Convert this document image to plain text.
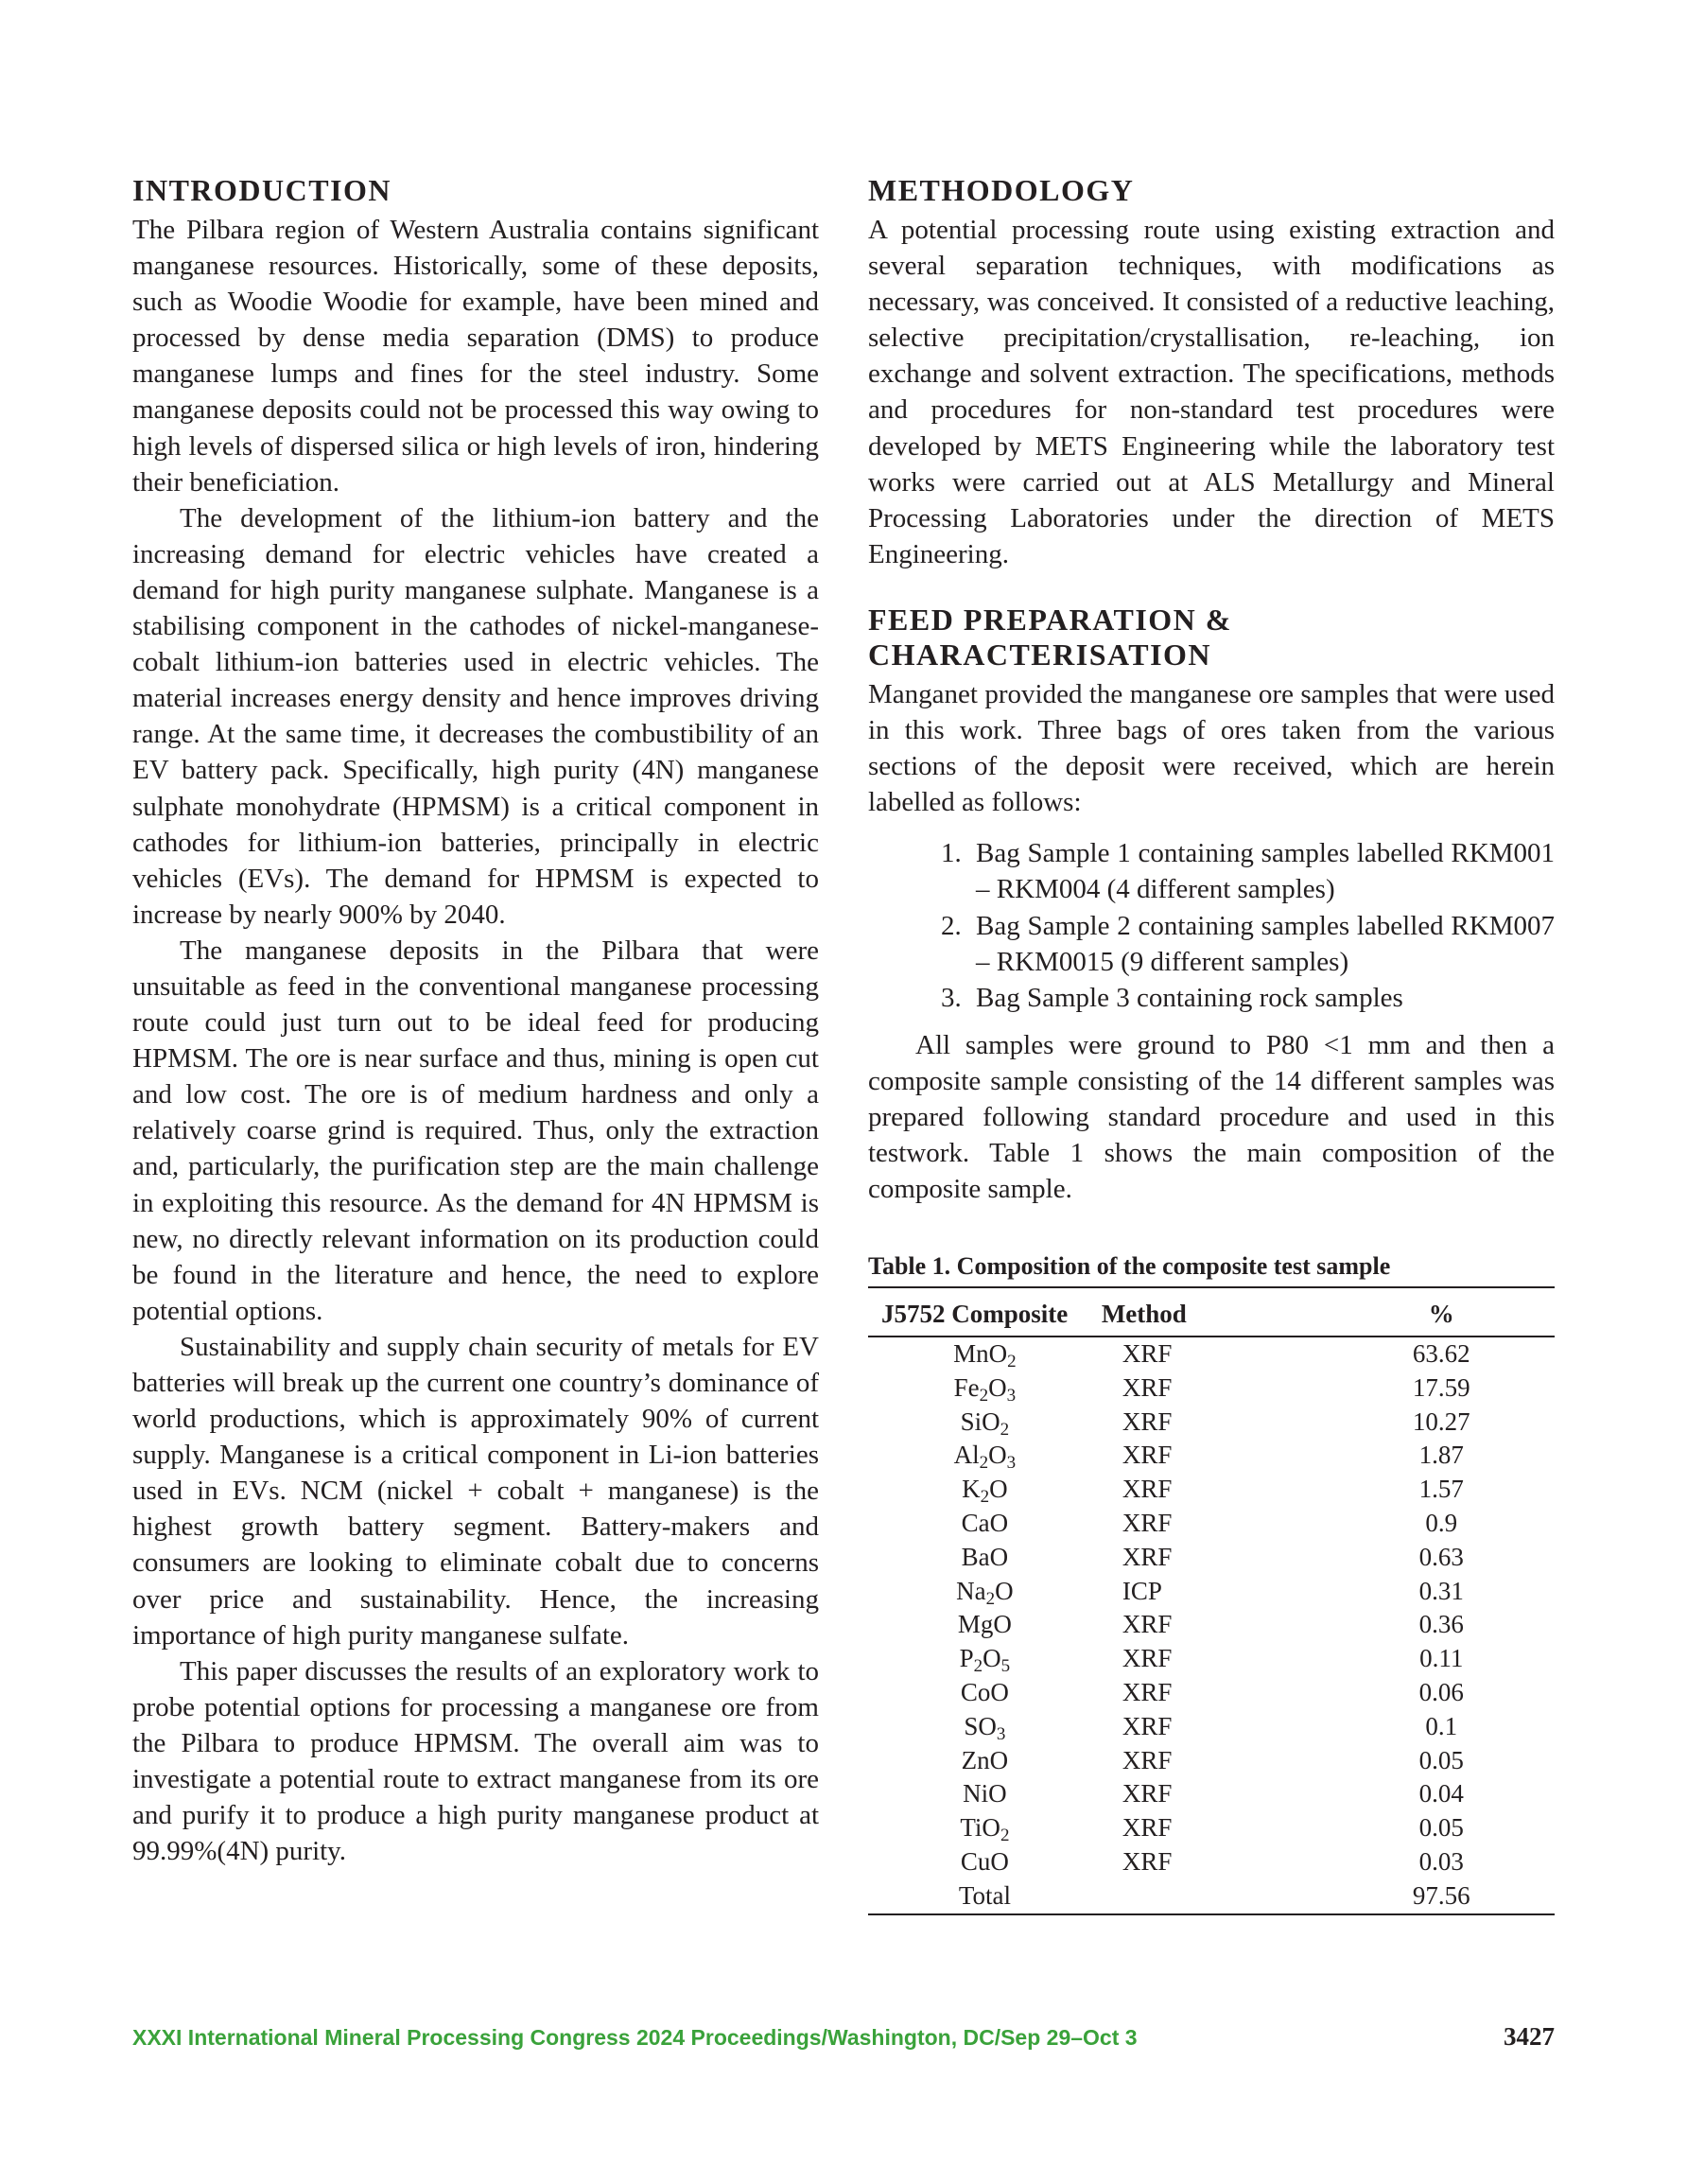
INTRODUCTION

The Pilbara region of Western Australia contains significant manganese resources. Historically, some of these deposits, such as Woodie Woodie for example, have been mined and processed by dense media separation (DMS) to produce manganese lumps and fines for the steel industry. Some manganese deposits could not be processed this way owing to high levels of dispersed silica or high levels of iron, hindering their beneficiation.

The development of the lithium-ion battery and the increasing demand for electric vehicles have created a demand for high purity manganese sulphate. Manganese is a stabilising component in the cathodes of nickel-manganese-cobalt lithium-ion batteries used in electric vehicles. The material increases energy density and hence improves driving range. At the same time, it decreases the combustibility of an EV battery pack. Specifically, high purity (4N) manganese sulphate monohydrate (HPMSM) is a critical component in cathodes for lithium-ion batteries, principally in electric vehicles (EVs). The demand for HPMSM is expected to increase by nearly 900% by 2040.

The manganese deposits in the Pilbara that were unsuitable as feed in the conventional manganese processing route could just turn out to be ideal feed for producing HPMSM. The ore is near surface and thus, mining is open cut and low cost. The ore is of medium hardness and only a relatively coarse grind is required. Thus, only the extraction and, particularly, the purification step are the main challenge in exploiting this resource. As the demand for 4N HPMSM is new, no directly relevant information on its production could be found in the literature and hence, the need to explore potential options.

Sustainability and supply chain security of metals for EV batteries will break up the current one country’s dominance of world productions, which is approximately 90% of current supply. Manganese is a critical component in Li-ion batteries used in EVs. NCM (nickel + cobalt + manganese) is the highest growth battery segment. Battery-makers and consumers are looking to eliminate cobalt due to concerns over price and sustainability. Hence, the increasing importance of high purity manganese sulfate.

This paper discusses the results of an exploratory work to probe potential options for processing a manganese ore from the Pilbara to produce HPMSM. The overall aim was to investigate a potential route to extract manganese from its ore and purify it to produce a high purity manganese product at 99.99%(4N) purity.

METHODOLOGY

A potential processing route using existing extraction and several separation techniques, with modifications as necessary, was conceived. It consisted of a reductive leaching, selective precipitation/crystallisation, re-leaching, ion exchange and solvent extraction. The specifications, methods and procedures for non-standard test procedures were developed by METS Engineering while the laboratory test works were carried out at ALS Metallurgy and Mineral Processing Laboratories under the direction of METS Engineering.

FEED PREPARATION &
CHARACTERISATION

Manganet provided the manganese ore samples that were used in this work. Three bags of ores taken from the various sections of the deposit were received, which are herein labelled as follows:

1. Bag Sample 1 containing samples labelled RKM001 – RKM004 (4 different samples)
2. Bag Sample 2 containing samples labelled RKM007 – RKM0015 (9 different samples)
3. Bag Sample 3 containing rock samples

All samples were ground to P80 <1 mm and then a composite sample consisting of the 14 different samples was prepared following standard procedure and used in this testwork. Table 1 shows the main composition of the composite sample.

Table 1. Composition of the composite test sample
J5752 Composite	Method	%
MnO$_2$	XRF	63.62
$Fe_2O_3$	XRF	17.59
SiO$_2$	XRF	10.27
$Al_2O_3$	XRF	1.87
$K_2O$	XRF	1.57
CaO	XRF	0.9
BaO	XRF	0.63
$Na_2O$	ICP	0.31
MgO	XRF	0.36
$P_2O_5$	XRF	0.11
CoO	XRF	0.06
$SO_3$	XRF	0.1
ZnO	XRF	0.05
NiO	XRF	0.04
TiO$_2$	XRF	0.05
CuO	XRF	0.03
Total		97.56
XXXI International Mineral Processing Congress 2024 Proceedings/Washington, DC/Sep 29–Oct 3	3427
